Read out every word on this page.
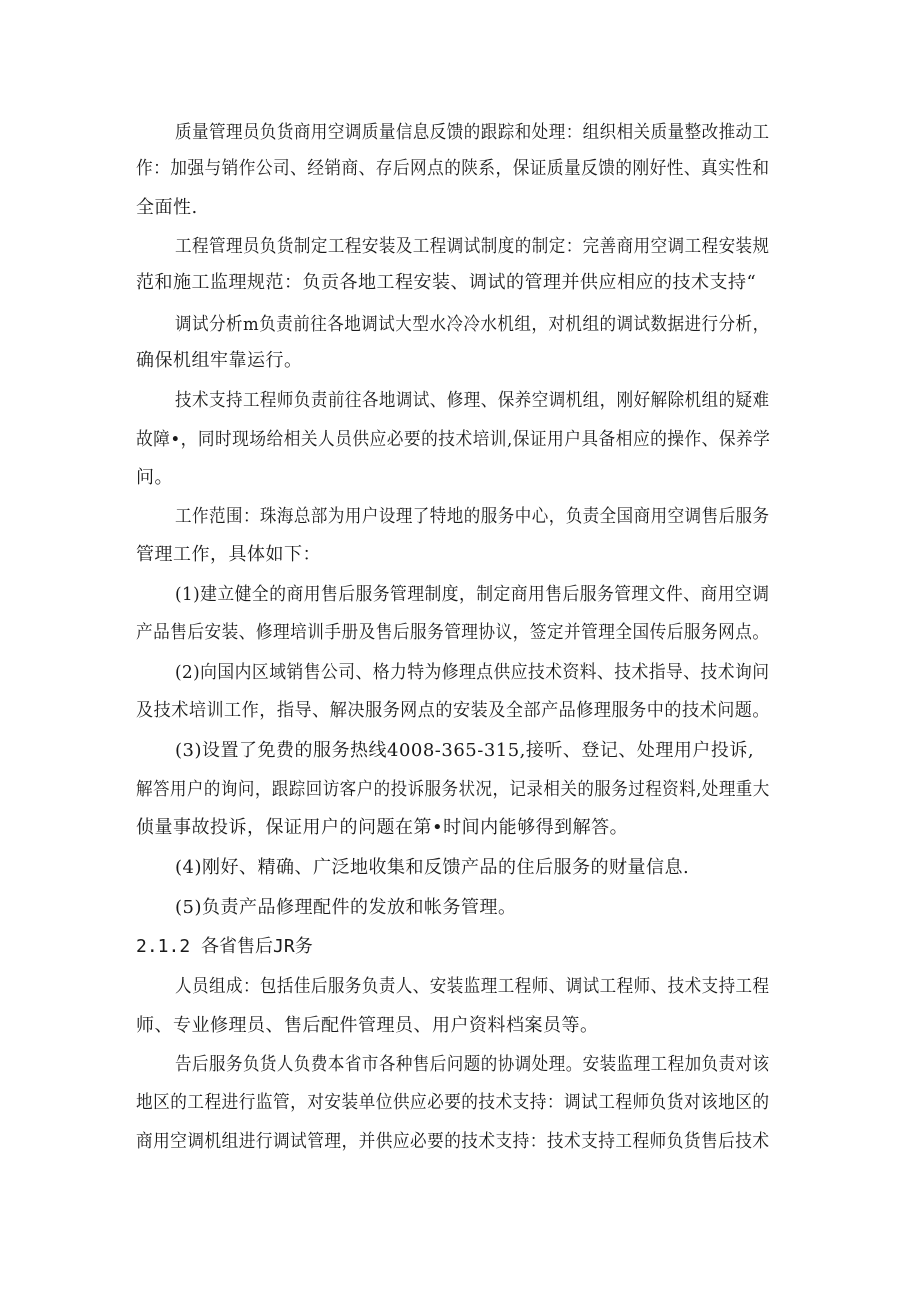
质量管理员负货商用空调质量信息反馈的跟踪和处理：组织相关质量整改推动工
作：加强与销作公司、经销商、存后网点的陕系，保证质量反馈的刚好性、真实性和
全面性.
工程管理员负货制定工程安装及工程调试制度的制定：完善商用空调工程安装规
范和施工监理规范：负贡各地工程安装、调试的管理并供应相应的技术支持“
调试分析m负责前往各地调试大型水冷冷水机组，对机组的调试数据进行分析，
确保机组牢靠运行。
技术支持工程师负责前往各地调试、修理、保养空调机组，刚好解除机组的疑难
故障•，同时现场给相关人员供应必要的技术培训,保证用户具备相应的操作、保养学
问。
工作范围：珠海总部为用户设理了特地的服务中心，负责全国商用空调售后服务
管理工作，具体如下：
(1)建立健全的商用售后服务管理制度，制定商用售后服务管理文件、商用空调
产品售后安装、修理培训手册及售后服务管理协议，签定并管理全国传后服务网点。
(2)向国内区域销售公司、格力特为修理点供应技术资料、技术指导、技术询问
及技术培训工作，指导、解决服务网点的安装及全部产品修理服务中的技术问题。
(3)设置了免费的服务热线4008-365-315,接听、登记、处理用户投诉,
解答用户的询问，跟踪回访客户的投诉服务状况，记录相关的服务过程资料,处理重大
侦量事故投诉，保证用户的问题在第•时间内能够得到解答。
(4)刚好、精确、广泛地收集和反馈产品的住后服务的财量信息.
(5)负责产品修理配件的发放和帐务管理。
2.1.2 各省售后JR务
人员组成：包括佳后服务负责人、安装监理工程师、调试工程师、技术支持工程
师、专业修理员、售后配件管理员、用户资料档案员等。
告后服务负货人负费本省市各种售后问题的协调处理。安装监理工程加负责对该
地区的工程进行监管，对安装单位供应必要的技术支持：调试工程师负货对该地区的
商用空调机组进行调试管理，并供应必要的技术支持：技术支持工程师负货售后技术
